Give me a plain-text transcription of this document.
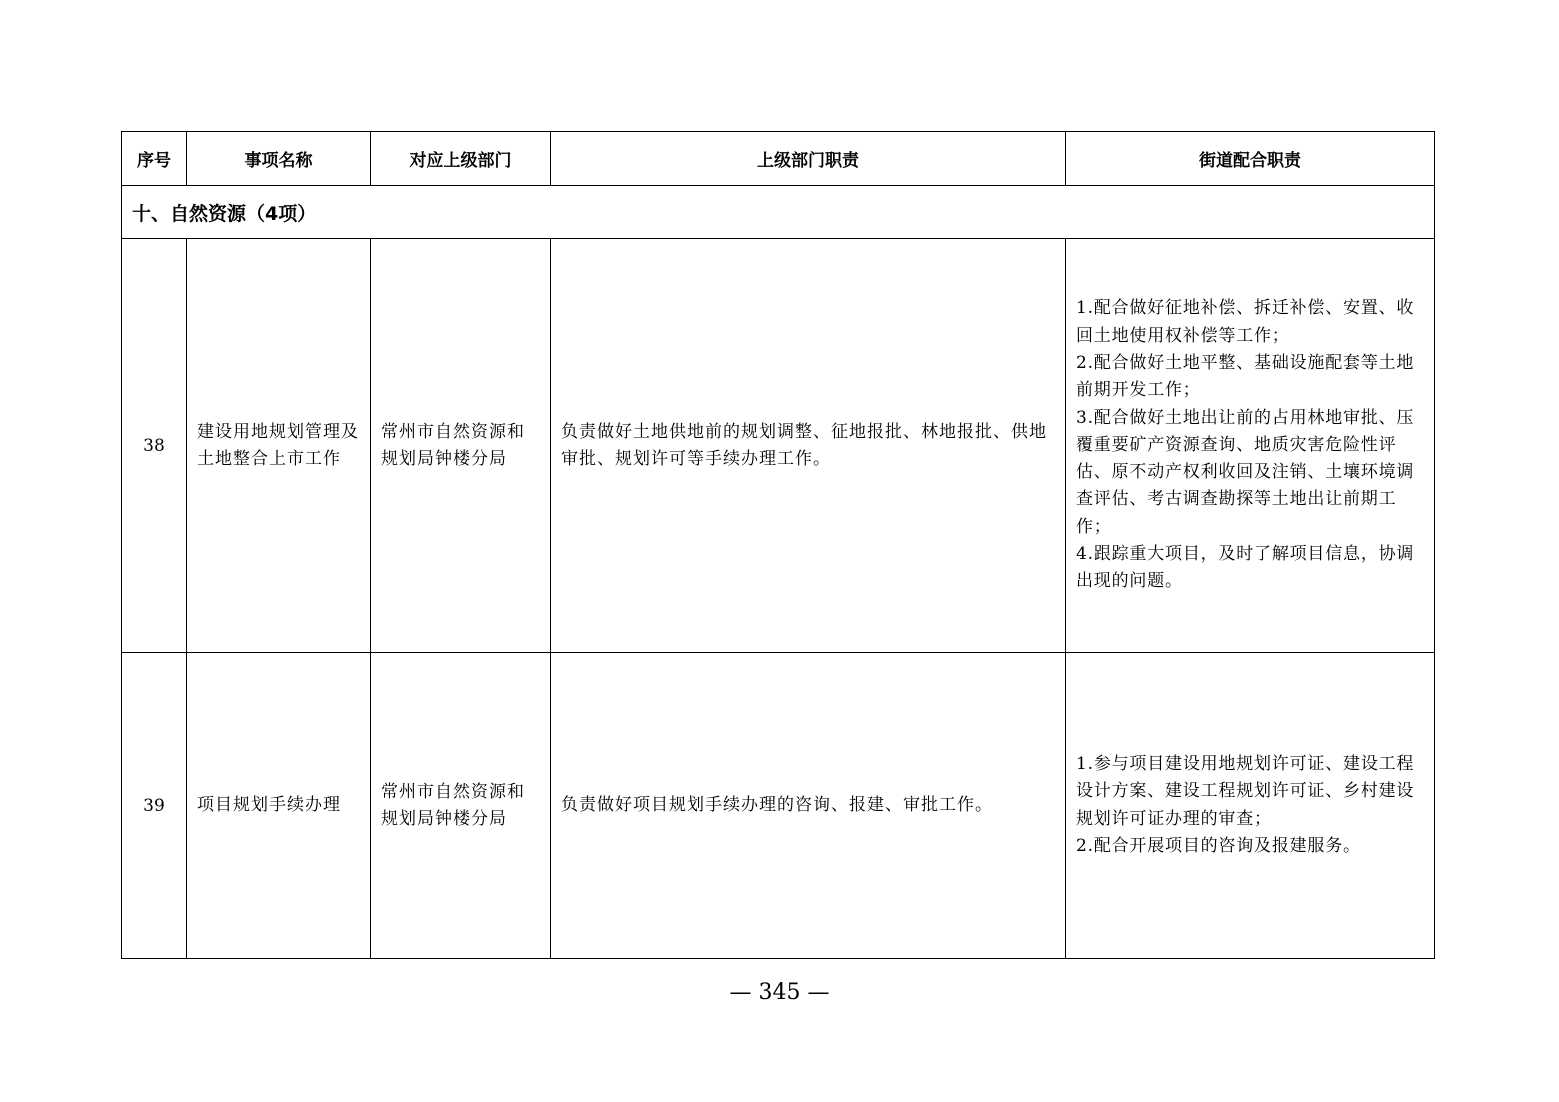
序号	事项名称	对应上级部门	上级部门职责	街道配合职责
十、自然资源（4项）				
38	建设用地规划管理及土地整合上市工作	常州市自然资源和规划局钟楼分局	负责做好土地供地前的规划调整、征地报批、林地报批、供地审批、规划许可等手续办理工作。	1.配合做好征地补偿、拆迁补偿、安置、收回土地使用权补偿等工作；
2.配合做好土地平整、基础设施配套等土地前期开发工作；
3.配合做好土地出让前的占用林地审批、压覆重要矿产资源查询、地质灾害危险性评估、原不动产权利收回及注销、土壤环境调查评估、考古调查勘探等土地出让前期工作；
4.跟踪重大项目，及时了解项目信息，协调出现的问题。

39	项目规划手续办理	常州市自然资源和规划局钟楼分局	负责做好项目规划手续办理的咨询、报建、审批工作。	1.参与项目建设用地规划许可证、建设工程设计方案、建设工程规划许可证、乡村建设规划许可证办理的审查；
2.配合开展项目的咨询及报建服务。
— 345 —
